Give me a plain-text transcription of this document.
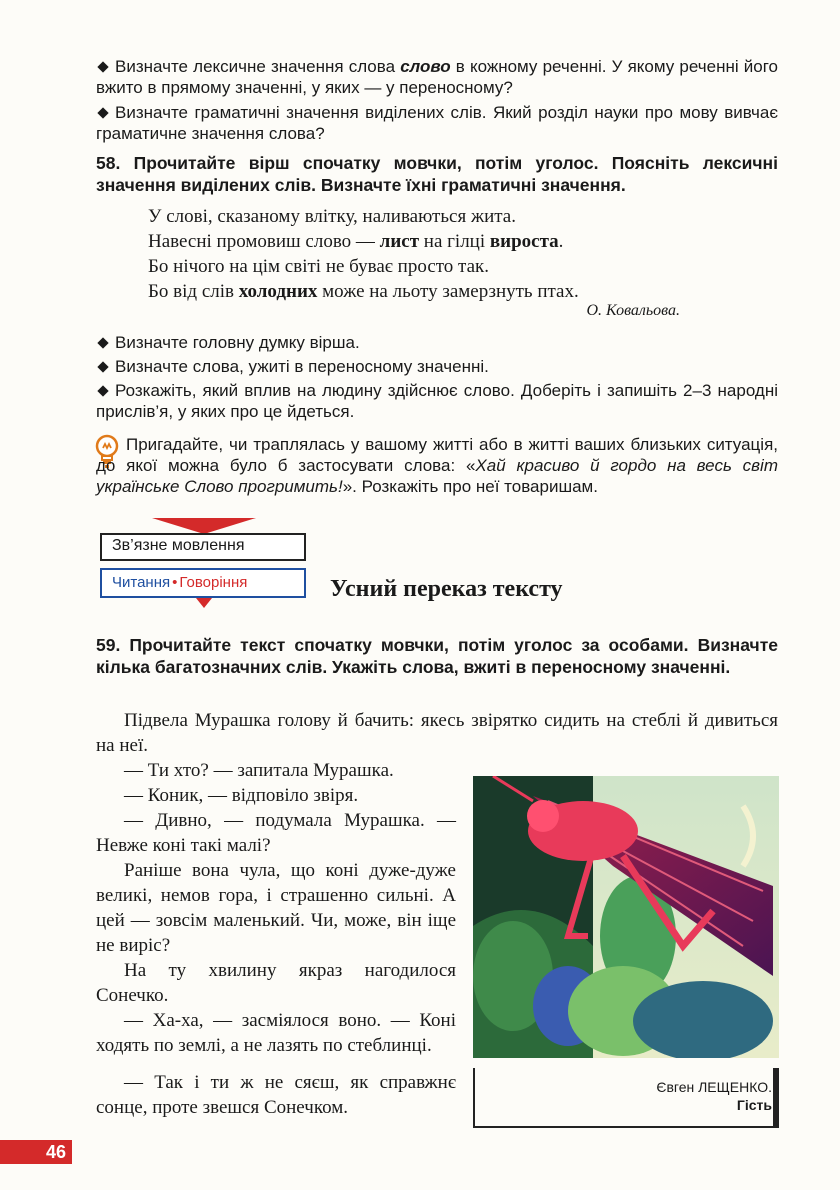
Визначте лексичне значення слова слово в кожному реченні. У якому реченні його вжито в прямому значенні, у яких — у переносному?
Визначте граматичні значення виділених слів. Який розділ науки про мову вивчає граматичне значення слова?
58. Прочитайте вірш спочатку мовчки, потім уголос. Поясніть лексичні значення виділених слів. Визначте їхні граматичні значення.
У слові, сказаному влітку, наливаються жита.
Навесні промовиш слово — лист на гілці вироста.
Бо нічого на цім світі не буває просто так.
Бо від слів холодних може на льоту замерзнуть птах.
О. Ковальова.
Визначте головну думку вірша.
Визначте слова, ужиті в переносному значенні.
Розкажіть, який вплив на людину здійснює слово. Доберіть і запишіть 2–3 народні прислів’я, у яких про це йдеться.
Пригадайте, чи траплялась у вашому житті або в житті ваших близьких ситуація, до якої можна було б застосувати слова: «Хай красиво й гордо на весь світ українське Слово прогримить!». Розкажіть про неї товаришам.
Зв’язне мовлення
Читання • Говоріння	Усний переказ тексту
59. Прочитайте текст спочатку мовчки, потім уголос за особами. Визначте кілька багатозначних слів. Укажіть слова, вжиті в переносному значенні.
Підвела Мурашка голову й бачить: якесь звірятко сидить на стеблі й дивиться на неї.
— Ти хто? — запитала Мурашка.
— Коник, — відповіло звіря.
— Дивно, — подумала Мурашка. — Невже коні такі малі?
Раніше вона чула, що коні дуже-дуже великі, немов гора, і страшенно сильні. А цей — зовсім маленький. Чи, може, він іще не виріс?
На ту хвилину якраз нагодилося Сонечко.
— Ха-ха, — засміялося воно. — Коні ходять по землі, а не лазять по стеблинці.
— Так і ти ж не сяєш, як справжнє сонце, проте звешся Сонечком.
Євген ЛЕЩЕНКО.
Гість
46
